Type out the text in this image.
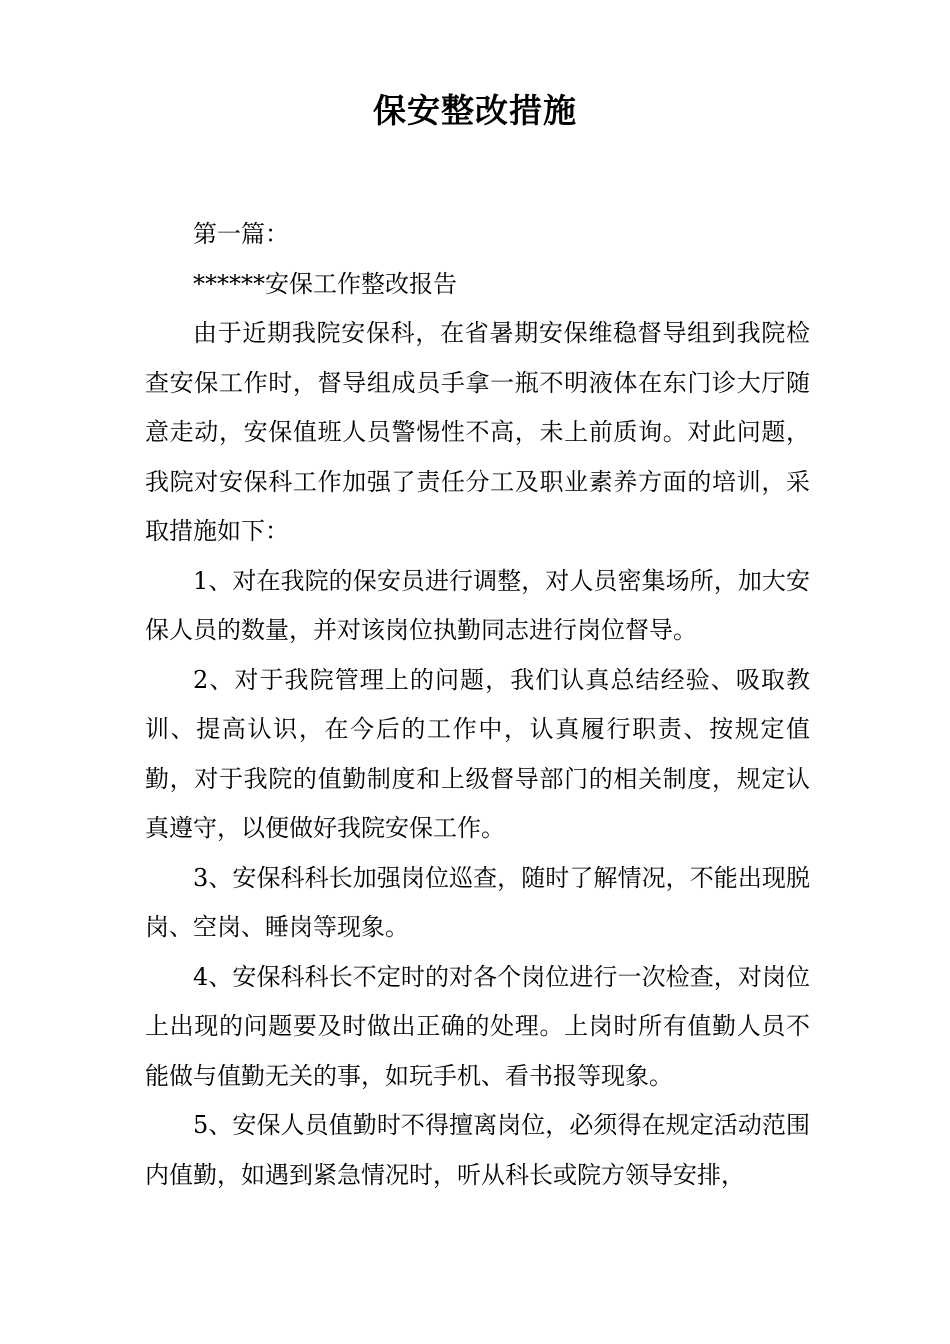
保安整改措施

第一篇：

******安保工作整改报告

由于近期我院安保科，在省暑期安保维稳督导组到我院检查安保工作时，督导组成员手拿一瓶不明液体在东门诊大厅随意走动，安保值班人员警惕性不高，未上前质询。对此问题，我院对安保科工作加强了责任分工及职业素养方面的培训，采取措施如下：

1、对在我院的保安员进行调整，对人员密集场所，加大安保人员的数量，并对该岗位执勤同志进行岗位督导。

2、对于我院管理上的问题，我们认真总结经验、吸取教训、提高认识，在今后的工作中，认真履行职责、按规定值勤，对于我院的值勤制度和上级督导部门的相关制度，规定认真遵守，以便做好我院安保工作。

3、安保科科长加强岗位巡查，随时了解情况，不能出现脱岗、空岗、睡岗等现象。

4、安保科科长不定时的对各个岗位进行一次检查，对岗位上出现的问题要及时做出正确的处理。上岗时所有值勤人员不能做与值勤无关的事，如玩手机、看书报等现象。

5、安保人员值勤时不得擅离岗位，必须得在规定活动范围内值勤，如遇到紧急情况时，听从科长或院方领导安排，
